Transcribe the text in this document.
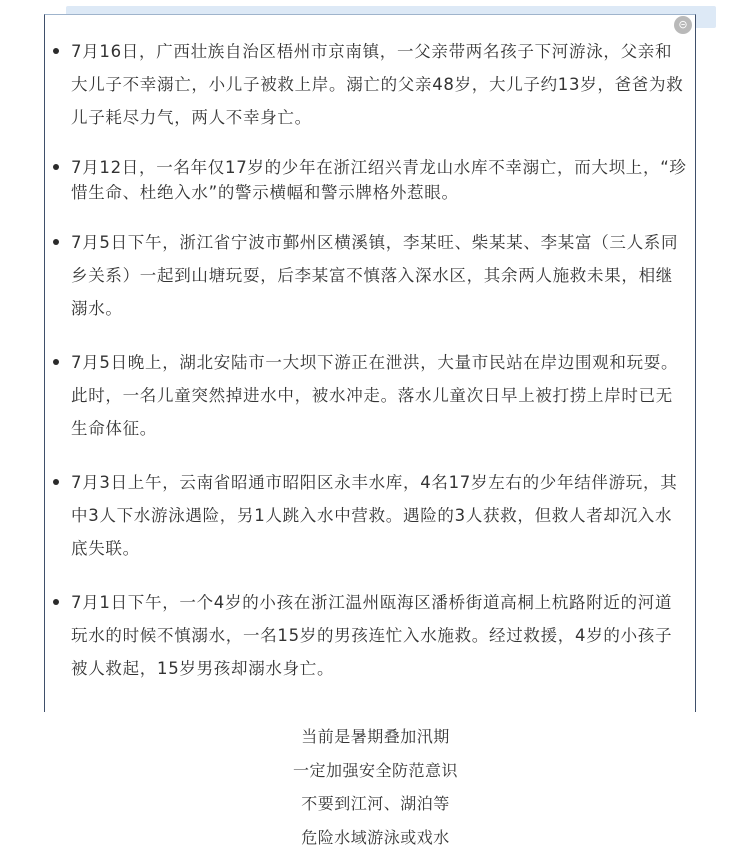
⊝
7月16日，广西壮族自治区梧州市京南镇，一父亲带两名孩子下河游泳，父亲和大儿子不幸溺亡，小儿子被救上岸。溺亡的父亲48岁，大儿子约13岁，爸爸为救儿子耗尽力气，两人不幸身亡。
7月12日，一名年仅17岁的少年在浙江绍兴青龙山水库不幸溺亡，而大坝上，“珍惜生命、杜绝入水”的警示横幅和警示牌格外惹眼。
7月5日下午，浙江省宁波市鄞州区横溪镇，李某旺、柴某某、李某富（三人系同乡关系）一起到山塘玩耍，后李某富不慎落入深水区，其余两人施救未果，相继溺水。
7月5日晚上，湖北安陆市一大坝下游正在泄洪，大量市民站在岸边围观和玩耍。此时，一名儿童突然掉进水中，被水冲走。落水儿童次日早上被打捞上岸时已无生命体征。
7月3日上午，云南省昭通市昭阳区永丰水库，4名17岁左右的少年结伴游玩，其中3人下水游泳遇险，另1人跳入水中营救。遇险的3人获救，但救人者却沉入水底失联。
7月1日下午，一个4岁的小孩在浙江温州瓯海区潘桥街道高桐上杭路附近的河道玩水的时候不慎溺水，一名15岁的男孩连忙入水施救。经过救援，4岁的小孩子被人救起，15岁男孩却溺水身亡。
当前是暑期叠加汛期
一定加强安全防范意识
不要到江河、湖泊等
危险水域游泳或戏水
